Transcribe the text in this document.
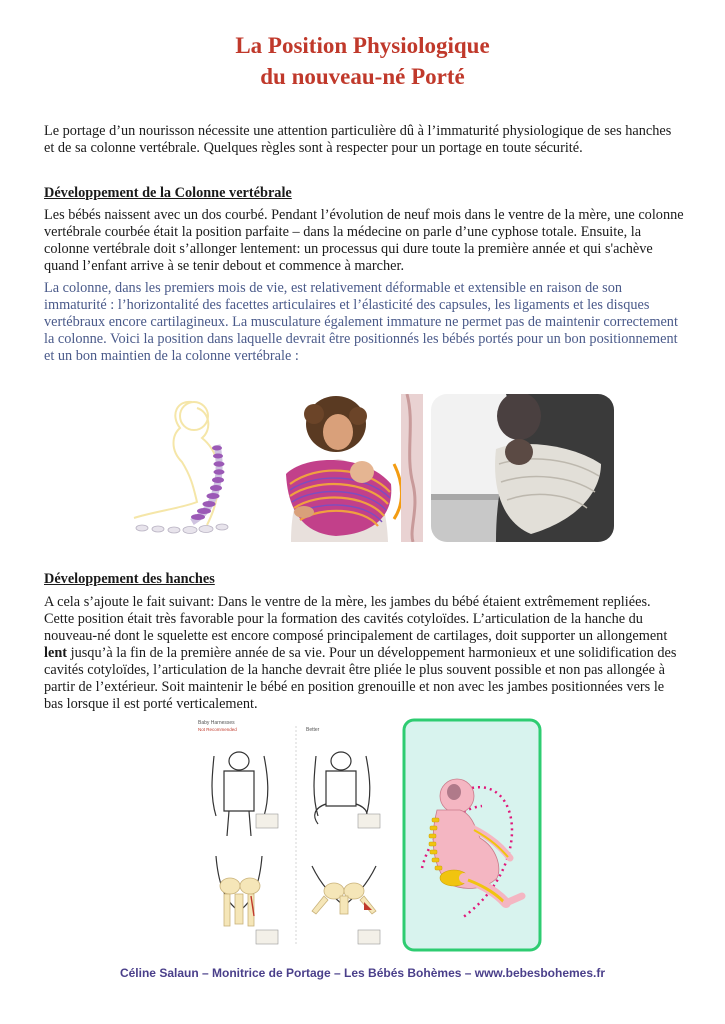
La Position Physiologique
du nouveau-né Porté

Le portage d’un nourisson nécessite une attention particulière dû à l’immaturité physiologique de ses hanches et de sa colonne vertébrale. Quelques règles sont à respecter pour un portage en toute sécurité.

Développement de la Colonne vertébrale

Les bébés naissent avec un dos courbé. Pendant l’évolution de neuf mois dans le ventre de la mère, une colonne vertébrale courbée était la position parfaite – dans la médecine on parle d’une cyphose totale. Ensuite, la colonne vertébrale doit s’allonger lentement: un processus qui dure toute la première année et qui s'achève quand l’enfant arrive à se tenir debout et commence à marcher.

La colonne, dans les premiers mois de vie, est relativement déformable et extensible en raison de son immaturité : l’horizontalité des facettes articulaires et l’élasticité des capsules, les ligaments et les disques vertébraux encore cartilagineux. La musculature également immature ne permet pas de maintenir correctement la colonne. Voici la position dans laquelle devrait être positionnés les bébés portés pour un bon positionnement et un bon maintien de la colonne vertébrale :

Développement des hanches

A cela s’ajoute le fait suivant: Dans le ventre de la mère, les jambes du bébé étaient extrêmement repliées. Cette position était très favorable pour la formation des cavités cotyloïdes. L’articulation de la hanche du nouveau-né dont le squelette est encore composé principalement de cartilages, doit supporter un allongement lent jusqu’à la fin de la première année de sa vie. Pour un développement harmonieux et une solidification des cavités cotyloïdes, l’articulation de la hanche devrait être pliée le plus souvent possible et non pas allongée à partir de l’extérieur. Soit maintenir le bébé en position grenouille et non avec les jambes positionnées vers le bas lorsque il est porté verticalement.

Baby Harnesses
Not Recommended	Better
Céline Salaun – Monitrice de Portage – Les Bébés Bohèmes – www.bebesbohemes.fr
